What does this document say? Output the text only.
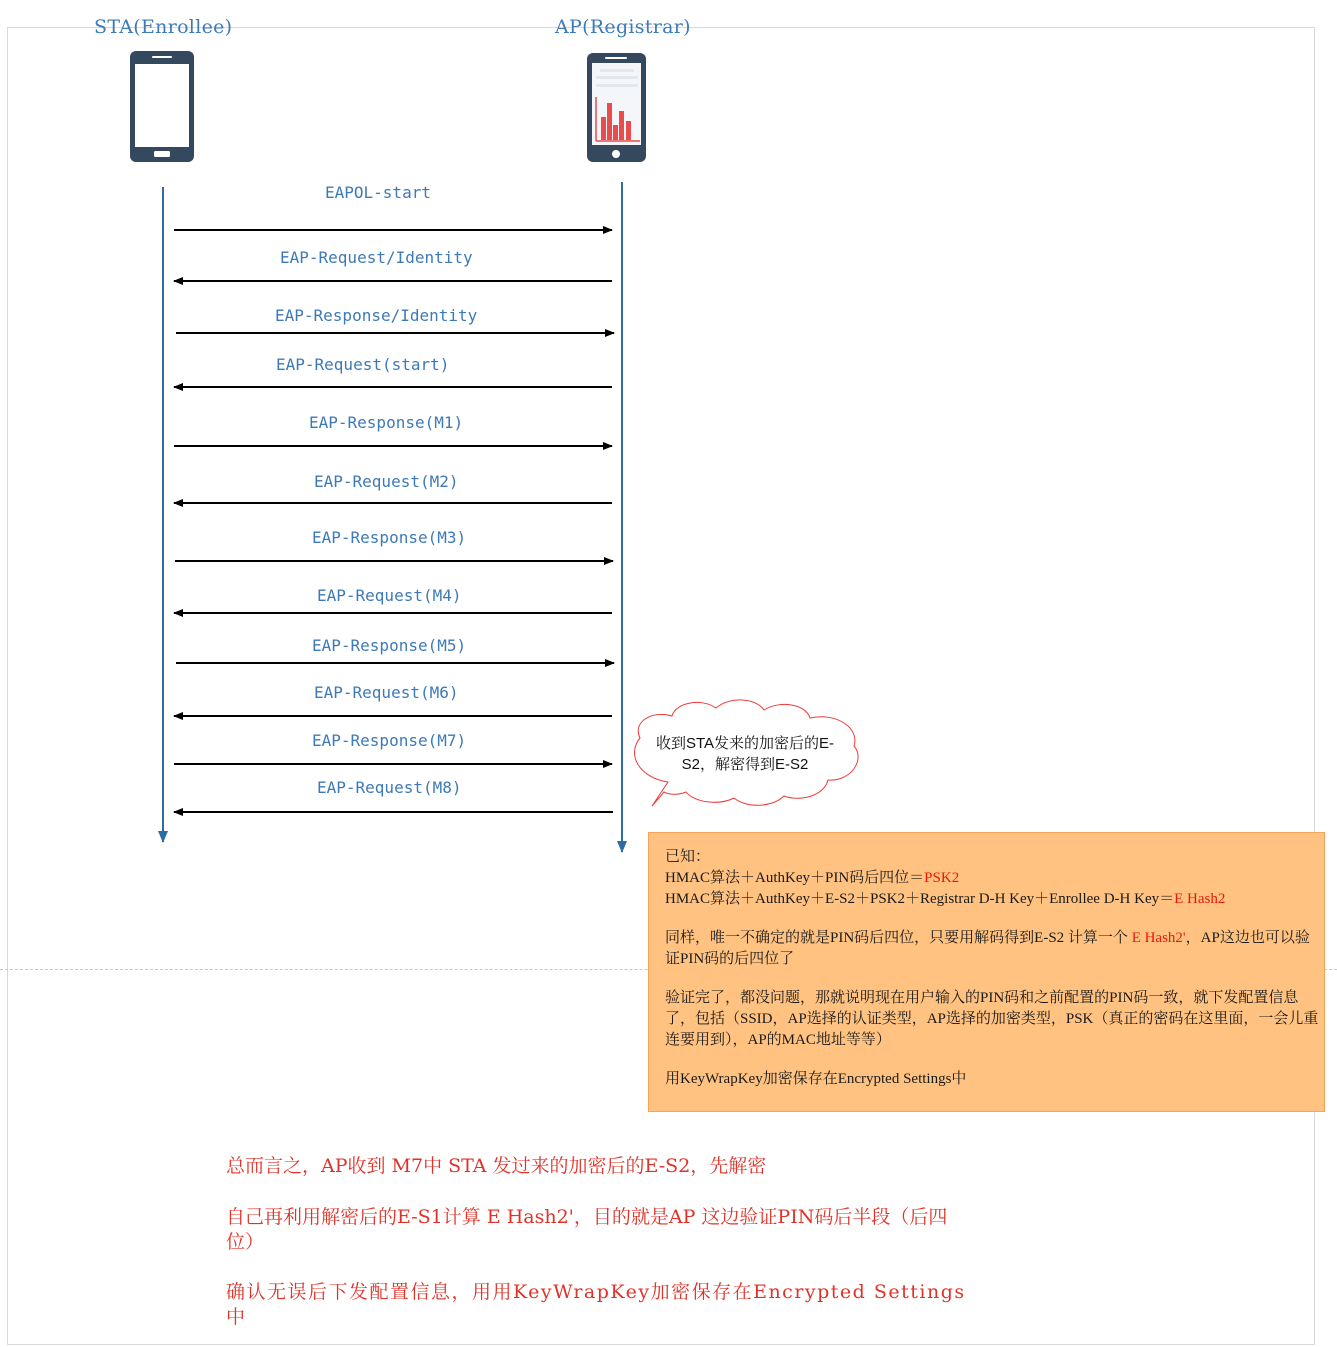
STA(Enrollee)	AP(Registrar)
EAPOL-start
EAP-Request/Identity
EAP-Response/Identity
EAP-Request(start)
EAP-Response(M1)
EAP-Request(M2)
EAP-Response(M3)
EAP-Request(M4)
EAP-Response(M5)
EAP-Request(M6)
EAP-Response(M7)
EAP-Request(M8)
收到STA发来的加密后的E-S2，解密得到E-S2

已知：

HMAC算法＋AuthKey＋PIN码后四位＝PSK2

HMAC算法＋AuthKey＋E-S2＋PSK2＋Registrar D-H Key＋Enrollee D-H Key＝E Hash2

同样，唯一不确定的就是PIN码后四位，只要用解码得到E-S2 计算一个 E Hash2'，AP这边也可以验证PIN码的后四位了

验证完了，都没问题，那就说明现在用户输入的PIN码和之前配置的PIN码一致，就下发配置信息了，包括（SSID，AP选择的认证类型，AP选择的加密类型，PSK（真正的密码在这里面，一会儿重连要用到），AP的MAC地址等等）

用KeyWrapKey加密保存在Encrypted Settings中

总而言之，AP收到 M7中 STA 发过来的加密后的E-S2，先解密
自己再利用解密后的E-S1计算 E Hash2'，目的就是AP 这边验证PIN码后半段（后四位）
确认无误后下发配置信息，用用KeyWrapKey加密保存在Encrypted Settings中
